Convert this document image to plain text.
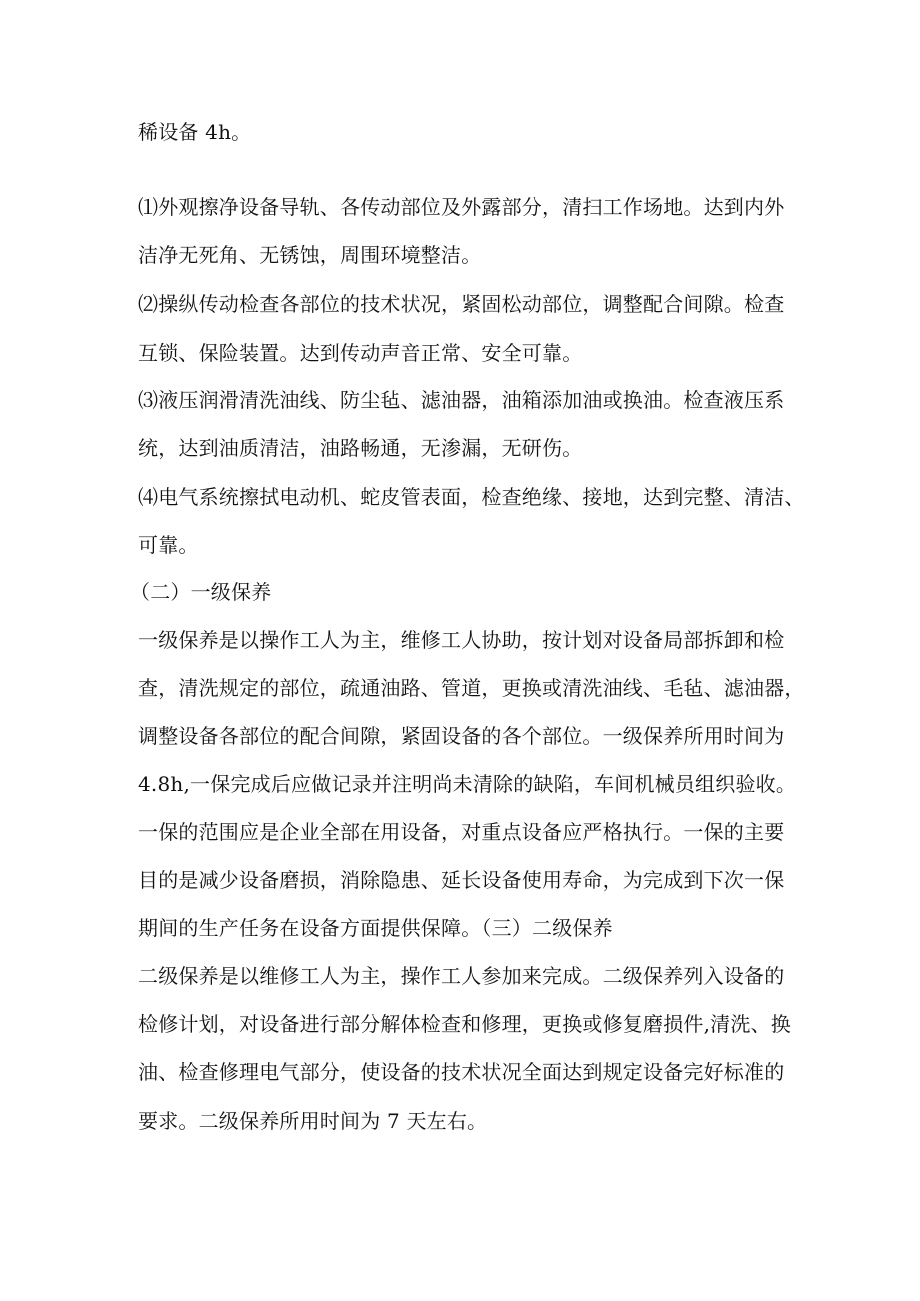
稀设备 4h。
⑴外观擦净设备导轨、各传动部位及外露部分，清扫工作场地。达到内外
洁净无死角、无锈蚀，周围环境整洁。
⑵操纵传动检查各部位的技术状况，紧固松动部位，调整配合间隙。检查
互锁、保险装置。达到传动声音正常、安全可靠。
⑶液压润滑清洗油线、防尘毡、滤油器，油箱添加油或换油。检查液压系
统，达到油质清洁，油路畅通，无渗漏，无研伤。
⑷电气系统擦拭电动机、蛇皮管表面，检查绝缘、接地，达到完整、清洁、
可靠。
（二）一级保养
一级保养是以操作工人为主，维修工人协助，按计划对设备局部拆卸和检
查，清洗规定的部位，疏通油路、管道，更换或清洗油线、毛毡、滤油器，
调整设备各部位的配合间隙，紧固设备的各个部位。一级保养所用时间为
4.8h,一保完成后应做记录并注明尚未清除的缺陷，车间机械员组织验收。
一保的范围应是企业全部在用设备，对重点设备应严格执行。一保的主要
目的是减少设备磨损，消除隐患、延长设备使用寿命，为完成到下次一保
期间的生产任务在设备方面提供保障。（三）二级保养
二级保养是以维修工人为主，操作工人参加来完成。二级保养列入设备的
检修计划，对设备进行部分解体检查和修理，更换或修复磨损件,清洗、换
油、检查修理电气部分，使设备的技术状况全面达到规定设备完好标准的
要求。二级保养所用时间为 7 天左右。
